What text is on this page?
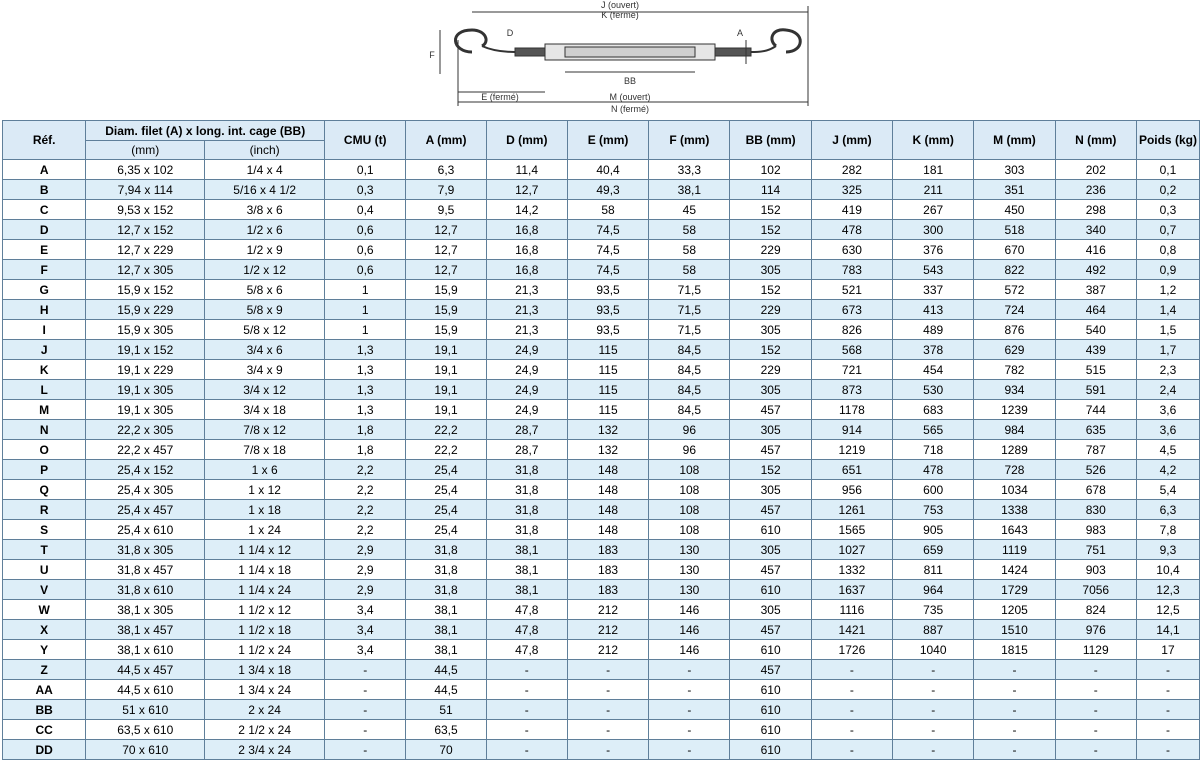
J (ouvert)
K (fermé)
D
F
A
BB
E (fermé)	M (ouvert)
N (fermé)
Réf.	Diam. filet (A) x long. int. cage (BB)		CMU (t)	A (mm)	D (mm)	E (mm)	F (mm)	BB (mm)	J (mm)	K (mm)	M (mm)	N (mm)	Poids (kg)
	(mm)	(inch)											
A	6,35 x 102	1/4 x 4	0,1	6,3	11,4	40,4	33,3	102	282	181	303	202	0,1
B	7,94 x 114	5/16 x 4 1/2	0,3	7,9	12,7	49,3	38,1	114	325	211	351	236	0,2
C	9,53 x 152	3/8 x 6	0,4	9,5	14,2	58	45	152	419	267	450	298	0,3
D	12,7 x 152	1/2 x 6	0,6	12,7	16,8	74,5	58	152	478	300	518	340	0,7
E	12,7 x 229	1/2 x 9	0,6	12,7	16,8	74,5	58	229	630	376	670	416	0,8
F	12,7 x 305	1/2 x 12	0,6	12,7	16,8	74,5	58	305	783	543	822	492	0,9
G	15,9 x 152	5/8 x 6	1	15,9	21,3	93,5	71,5	152	521	337	572	387	1,2
H	15,9 x 229	5/8 x 9	1	15,9	21,3	93,5	71,5	229	673	413	724	464	1,4
I	15,9 x 305	5/8 x 12	1	15,9	21,3	93,5	71,5	305	826	489	876	540	1,5
J	19,1 x 152	3/4 x 6	1,3	19,1	24,9	115	84,5	152	568	378	629	439	1,7
K	19,1 x 229	3/4 x 9	1,3	19,1	24,9	115	84,5	229	721	454	782	515	2,3
L	19,1 x 305	3/4 x 12	1,3	19,1	24,9	115	84,5	305	873	530	934	591	2,4
M	19,1 x 305	3/4 x 18	1,3	19,1	24,9	115	84,5	457	1178	683	1239	744	3,6
N	22,2 x 305	7/8 x 12	1,8	22,2	28,7	132	96	305	914	565	984	635	3,6
O	22,2 x 457	7/8 x 18	1,8	22,2	28,7	132	96	457	1219	718	1289	787	4,5
P	25,4 x 152	1 x 6	2,2	25,4	31,8	148	108	152	651	478	728	526	4,2
Q	25,4 x 305	1 x 12	2,2	25,4	31,8	148	108	305	956	600	1034	678	5,4
R	25,4 x 457	1 x 18	2,2	25,4	31,8	148	108	457	1261	753	1338	830	6,3
S	25,4 x 610	1 x 24	2,2	25,4	31,8	148	108	610	1565	905	1643	983	7,8
T	31,8 x 305	1 1/4 x 12	2,9	31,8	38,1	183	130	305	1027	659	1119	751	9,3
U	31,8 x 457	1 1/4 x 18	2,9	31,8	38,1	183	130	457	1332	811	1424	903	10,4
V	31,8 x 610	1 1/4 x 24	2,9	31,8	38,1	183	130	610	1637	964	1729	7056	12,3
W	38,1 x 305	1 1/2 x 12	3,4	38,1	47,8	212	146	305	1116	735	1205	824	12,5
X	38,1 x 457	1 1/2 x 18	3,4	38,1	47,8	212	146	457	1421	887	1510	976	14,1
Y	38,1 x 610	1 1/2 x 24	3,4	38,1	47,8	212	146	610	1726	1040	1815	1129	17
Z	44,5 x 457	1 3/4 x 18	-	44,5	-	-	-	457	-	-	-	-	-
AA	44,5 x 610	1 3/4 x 24	-	44,5	-	-	-	610	-	-	-	-	-
BB	51 x 610	2 x 24	-	51	-	-	-	610	-	-	-	-	-
CC	63,5 x 610	2 1/2 x 24	-	63,5	-	-	-	610	-	-	-	-	-
DD	70 x 610	2 3/4 x 24	-	70	-	-	-	610	-	-	-	-	-
